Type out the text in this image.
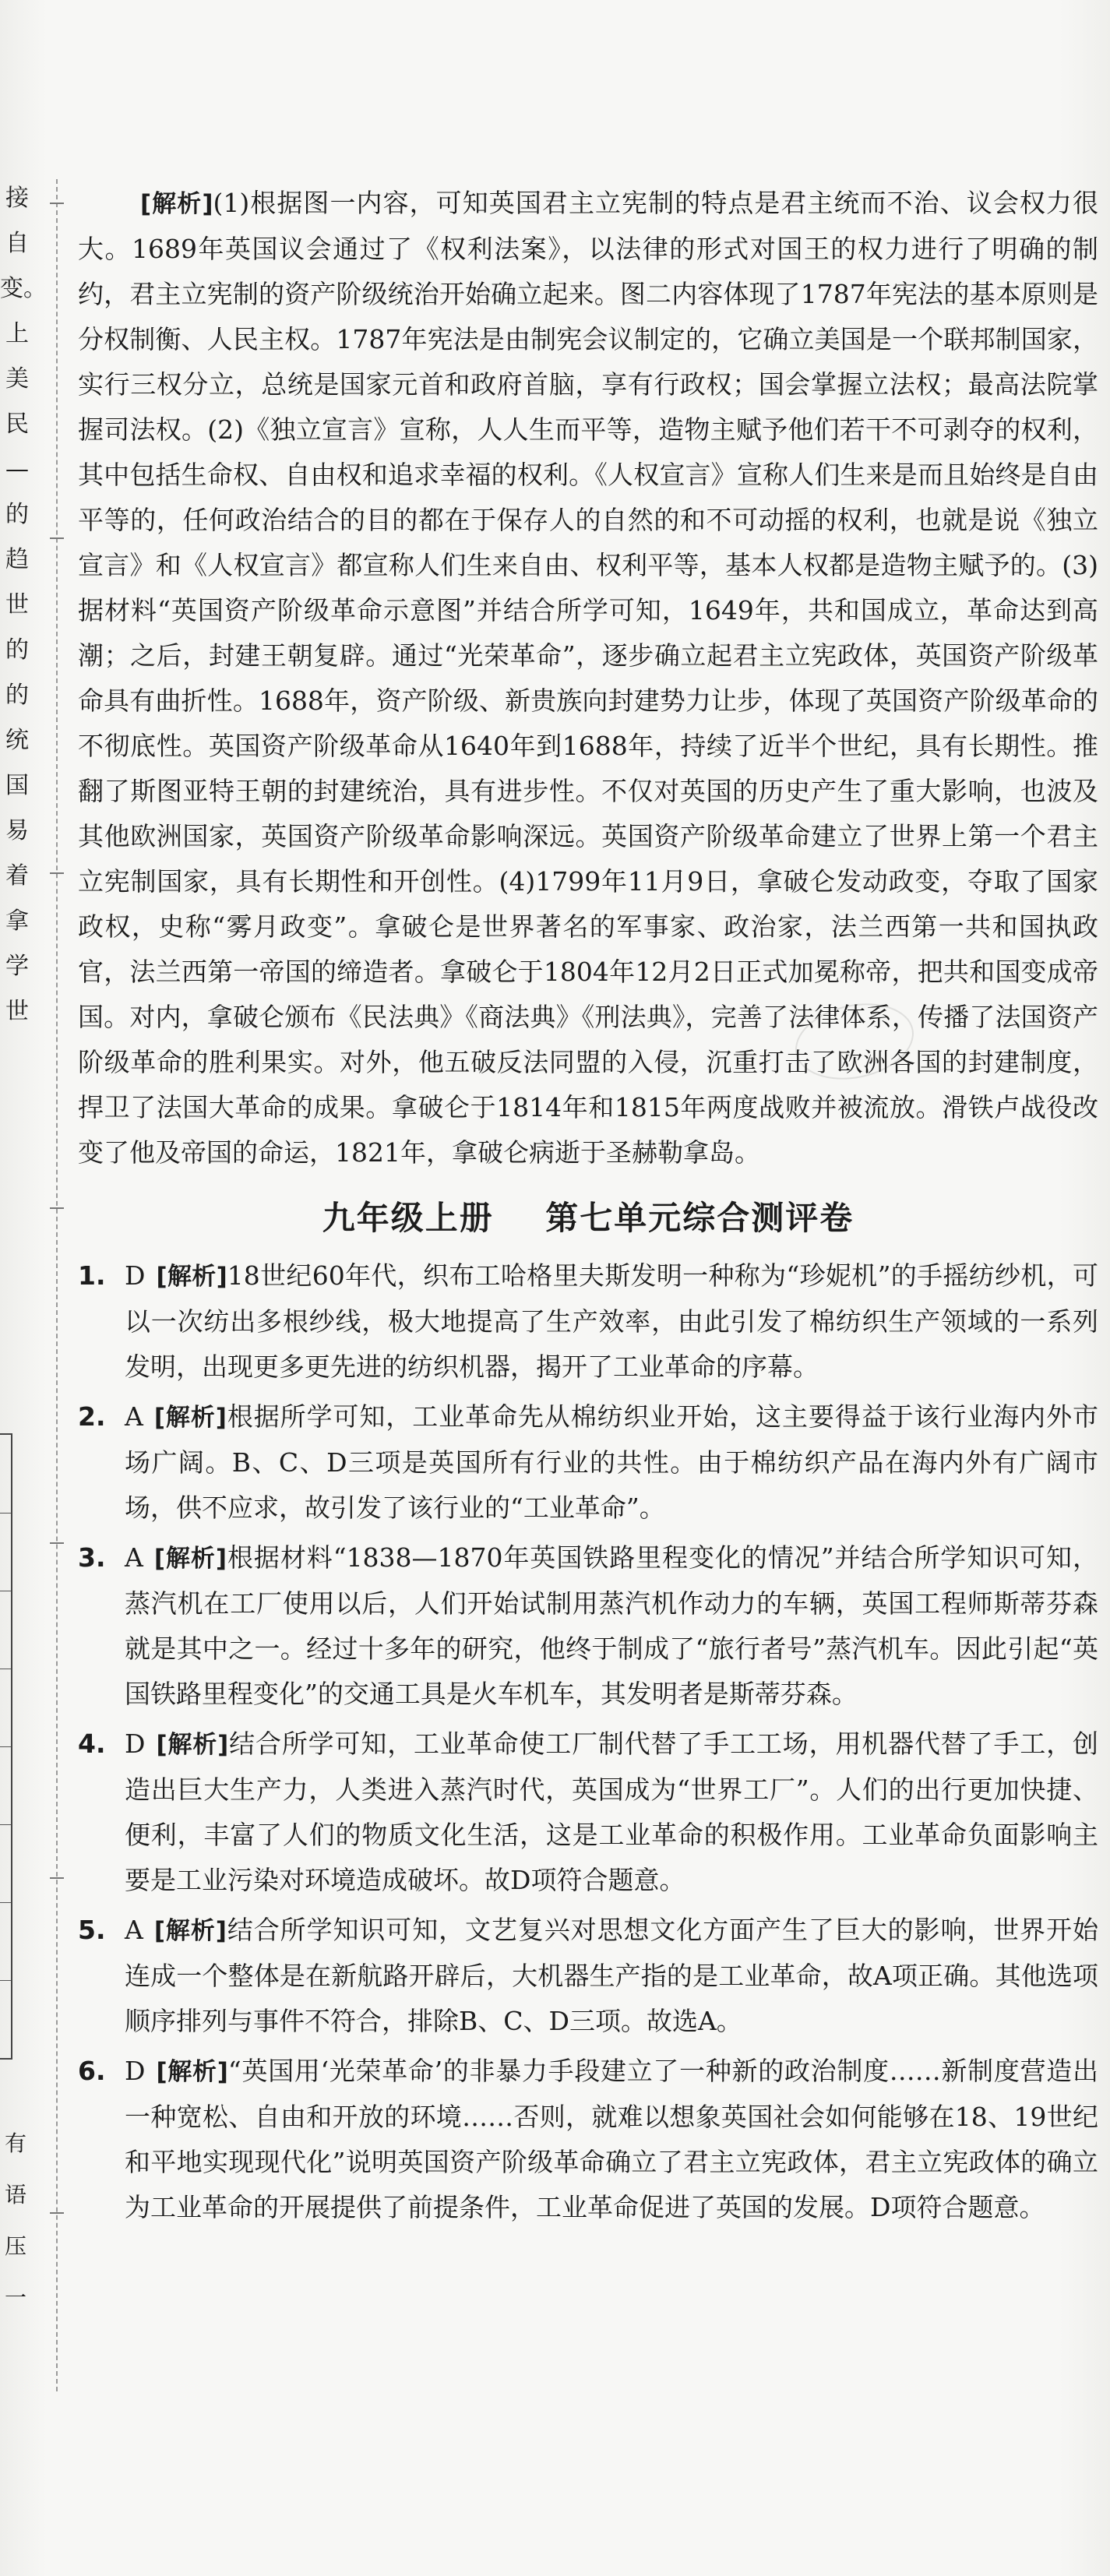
接
自
变。
上
美
民
—
的
趋
世
的
的
统
国
易
着
拿
学
世
有
语
压
一

[解析](1)根据图一内容，可知英国君主立宪制的特点是君主统而不治、议会权力很大。1689年英国议会通过了《权利法案》，以法律的形式对国王的权力进行了明确的制约，君主立宪制的资产阶级统治开始确立起来。图二内容体现了1787年宪法的基本原则是分权制衡、人民主权。1787年宪法是由制宪会议制定的，它确立美国是一个联邦制国家，实行三权分立，总统是国家元首和政府首脑，享有行政权；国会掌握立法权；最高法院掌握司法权。(2)《独立宣言》宣称，人人生而平等，造物主赋予他们若干不可剥夺的权利，其中包括生命权、自由权和追求幸福的权利。《人权宣言》宣称人们生来是而且始终是自由平等的，任何政治结合的目的都在于保存人的自然的和不可动摇的权利，也就是说《独立宣言》和《人权宣言》都宣称人们生来自由、权利平等，基本人权都是造物主赋予的。(3)据材料“英国资产阶级革命示意图”并结合所学可知，1649年，共和国成立，革命达到高潮；之后，封建王朝复辟。通过“光荣革命”，逐步确立起君主立宪政体，英国资产阶级革命具有曲折性。1688年，资产阶级、新贵族向封建势力让步，体现了英国资产阶级革命的不彻底性。英国资产阶级革命从1640年到1688年，持续了近半个世纪，具有长期性。推翻了斯图亚特王朝的封建统治，具有进步性。不仅对英国的历史产生了重大影响，也波及其他欧洲国家，英国资产阶级革命影响深远。英国资产阶级革命建立了世界上第一个君主立宪制国家，具有长期性和开创性。(4)1799年11月9日，拿破仑发动政变，夺取了国家政权，史称“雾月政变”。拿破仑是世界著名的军事家、政治家，法兰西第一共和国执政官，法兰西第一帝国的缔造者。拿破仑于1804年12月2日正式加冕称帝，把共和国变成帝国。对内，拿破仑颁布《民法典》《商法典》《刑法典》，完善了法律体系，传播了法国资产阶级革命的胜利果实。对外，他五破反法同盟的入侵，沉重打击了欧洲各国的封建制度，捍卫了法国大革命的成果。拿破仑于1814年和1815年两度战败并被流放。滑铁卢战役改变了他及帝国的命运，1821年，拿破仑病逝于圣赫勒拿岛。

九年级上册    第七单元综合测评卷
1. D [解析]18世纪60年代，织布工哈格里夫斯发明一种称为“珍妮机”的手摇纺纱机，可以一次纺出多根纱线，极大地提高了生产效率，由此引发了棉纺织生产领域的一系列发明，出现更多更先进的纺织机器，揭开了工业革命的序幕。
2. A [解析]根据所学可知，工业革命先从棉纺织业开始，这主要得益于该行业海内外市场广阔。B、C、D三项是英国所有行业的共性。由于棉纺织产品在海内外有广阔市场，供不应求，故引发了该行业的“工业革命”。
3. A [解析]根据材料“1838—1870年英国铁路里程变化的情况”并结合所学知识可知，蒸汽机在工厂使用以后，人们开始试制用蒸汽机作动力的车辆，英国工程师斯蒂芬森就是其中之一。经过十多年的研究，他终于制成了“旅行者号”蒸汽机车。因此引起“英国铁路里程变化”的交通工具是火车机车，其发明者是斯蒂芬森。
4. D [解析]结合所学可知，工业革命使工厂制代替了手工工场，用机器代替了手工，创造出巨大生产力，人类进入蒸汽时代，英国成为“世界工厂”。人们的出行更加快捷、便利，丰富了人们的物质文化生活，这是工业革命的积极作用。工业革命负面影响主要是工业污染对环境造成破坏。故D项符合题意。
5. A [解析]结合所学知识可知，文艺复兴对思想文化方面产生了巨大的影响，世界开始连成一个整体是在新航路开辟后，大机器生产指的是工业革命，故A项正确。其他选项顺序排列与事件不符合，排除B、C、D三项。故选A。
6. D [解析]“英国用‘光荣革命’的非暴力手段建立了一种新的政治制度……新制度营造出一种宽松、自由和开放的环境……否则，就难以想象英国社会如何能够在18、19世纪和平地实现现代化”说明英国资产阶级革命确立了君主立宪政体，君主立宪政体的确立为工业革命的开展提供了前提条件，工业革命促进了英国的发展。D项符合题意。
